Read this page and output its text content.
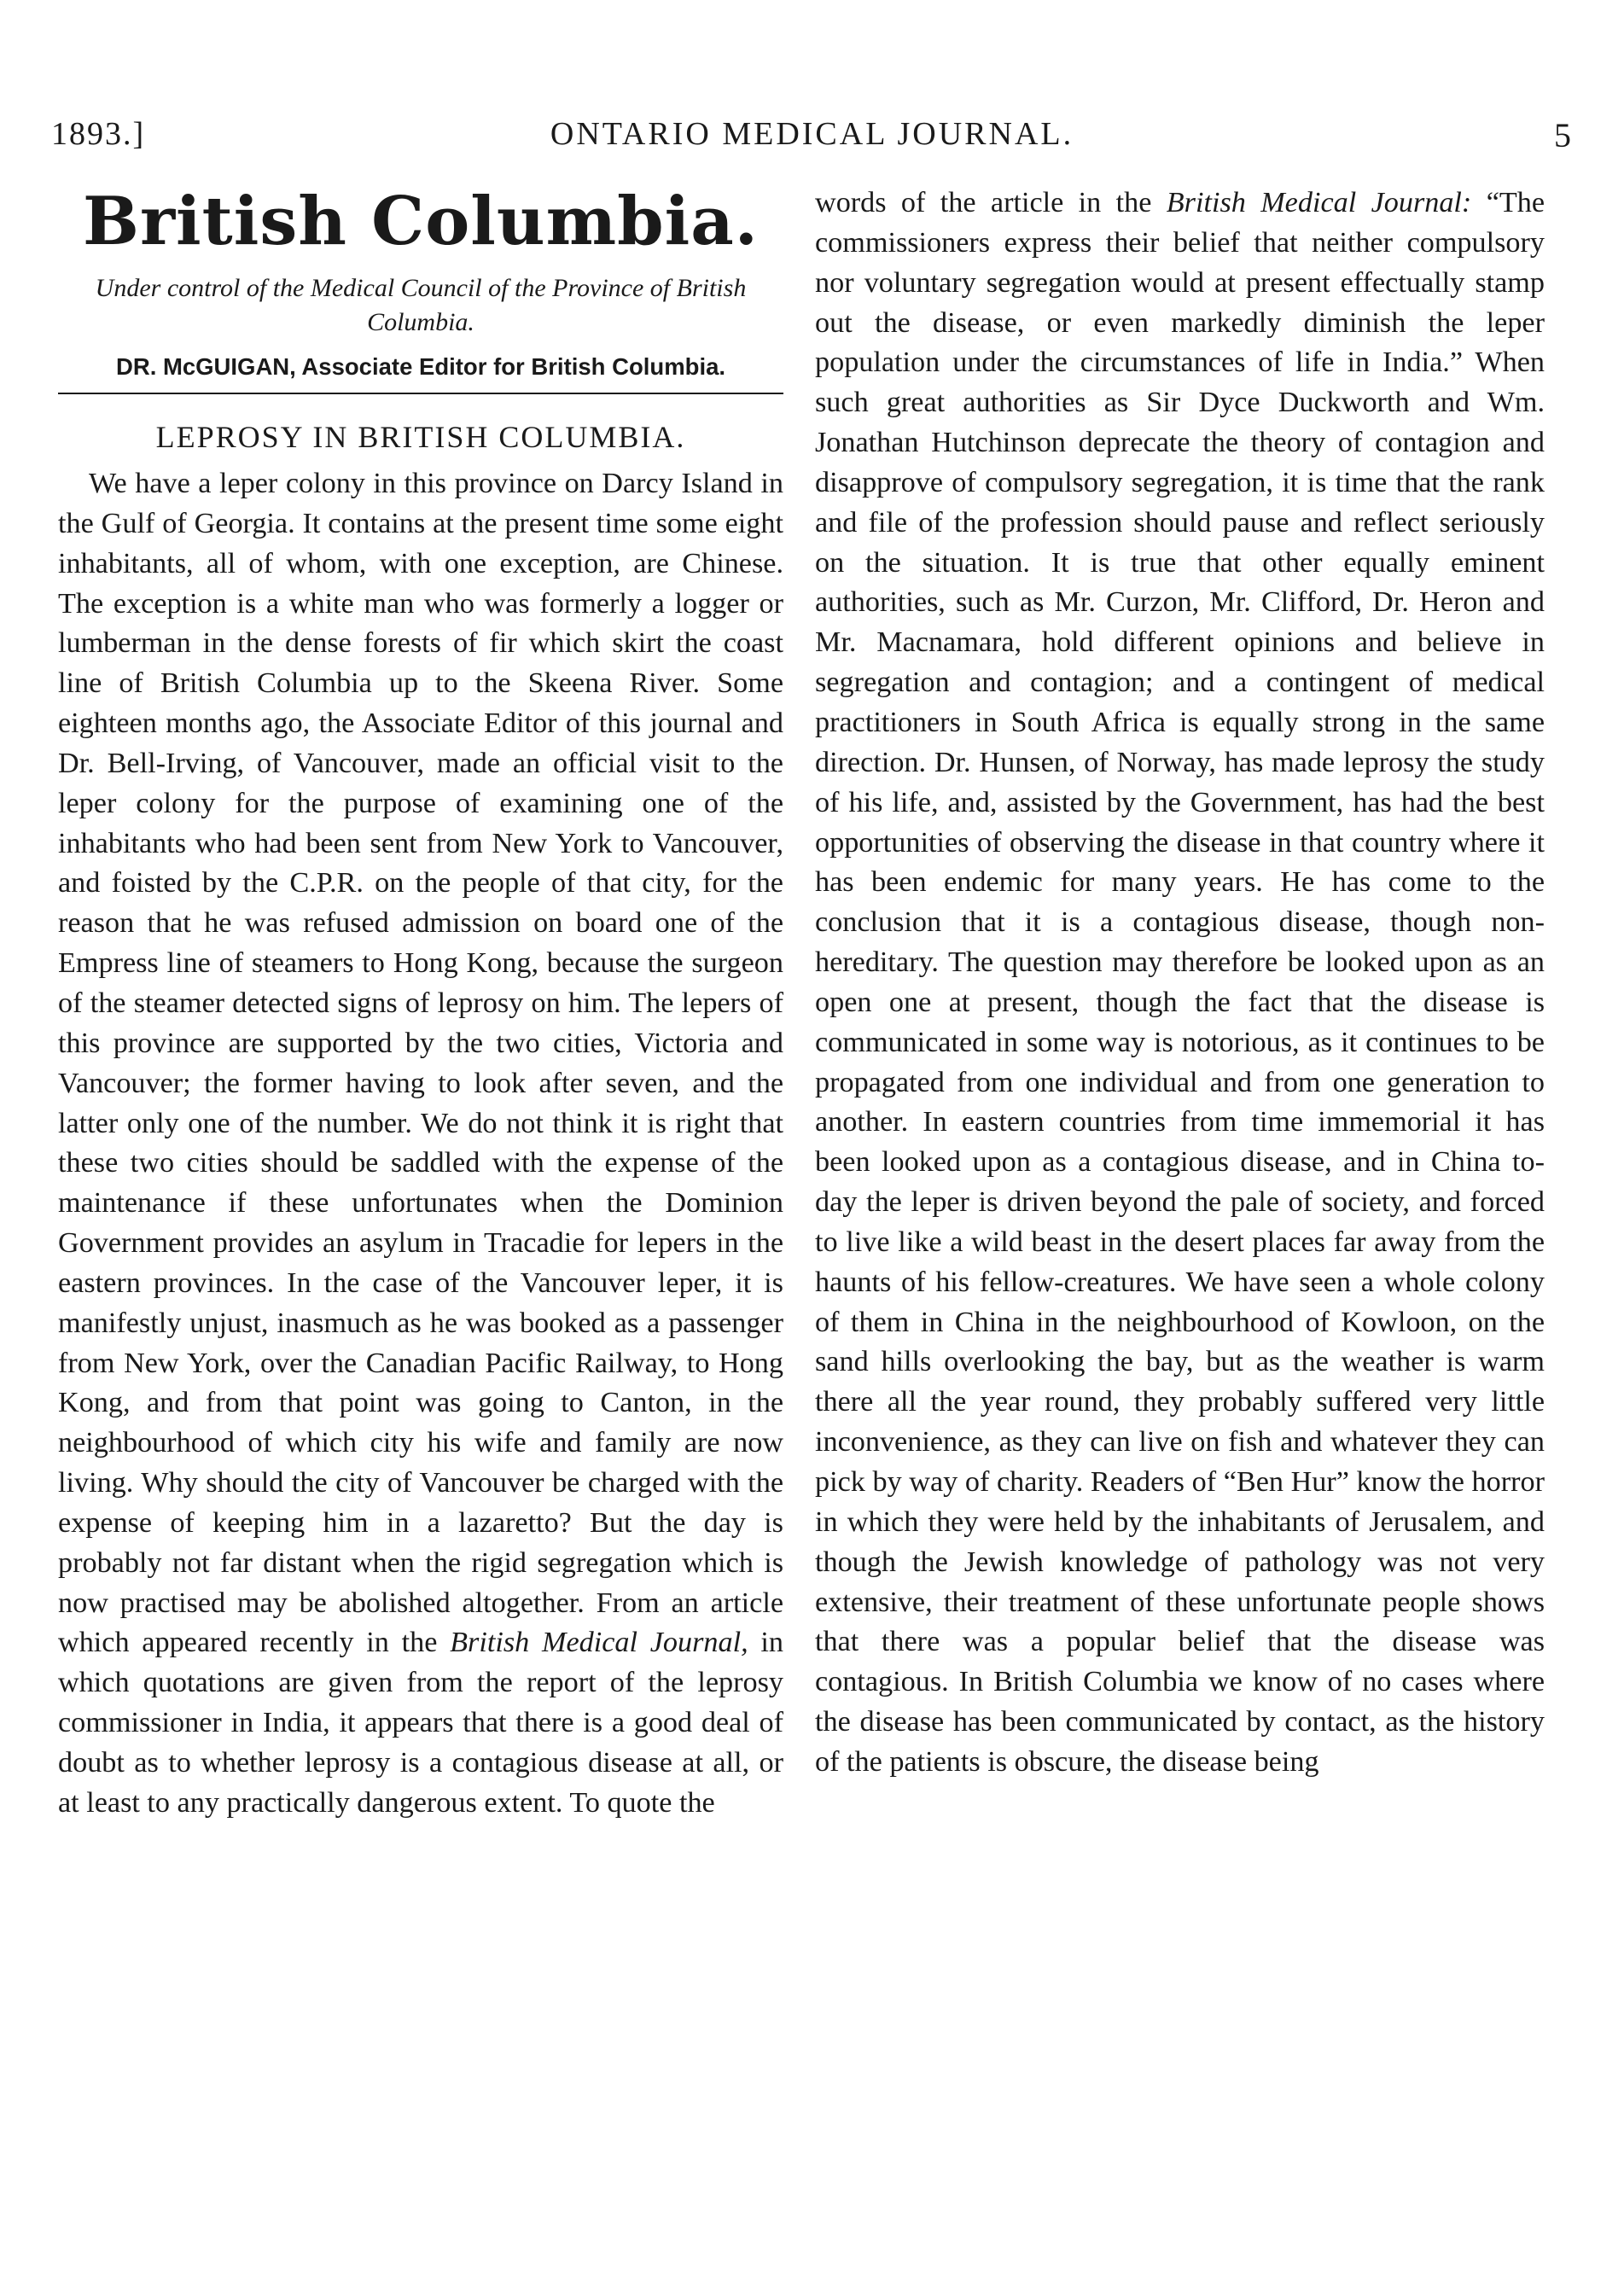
1893.]	ONTARIO MEDICAL JOURNAL.	5
British Columbia.
Under control of the Medical Council of the Province of British Columbia.
DR. McGUIGAN, Associate Editor for British Columbia.
LEPROSY IN BRITISH COLUMBIA.

We have a leper colony in this province on Darcy Island in the Gulf of Georgia. It contains at the present time some eight inhabitants, all of whom, with one exception, are Chinese. The exception is a white man who was formerly a logger or lumberman in the dense forests of fir which skirt the coast line of British Columbia up to the Skeena River. Some eighteen months ago, the Associate Editor of this journal and Dr. Bell-Irving, of Vancouver, made an official visit to the leper colony for the purpose of examining one of the inhabitants who had been sent from New York to Vancouver, and foisted by the C.P.R. on the people of that city, for the reason that he was refused admission on board one of the Empress line of steamers to Hong Kong, because the surgeon of the steamer detected signs of leprosy on him. The lepers of this province are supported by the two cities, Victoria and Vancouver; the former having to look after seven, and the latter only one of the number. We do not think it is right that these two cities should be saddled with the expense of the maintenance if these unfortunates when the Dominion Government provides an asylum in Tracadie for lepers in the eastern provinces. In the case of the Vancouver leper, it is manifestly unjust, inasmuch as he was booked as a passenger from New York, over the Canadian Pacific Railway, to Hong Kong, and from that point was going to Canton, in the neighbourhood of which city his wife and family are now living. Why should the city of Vancouver be charged with the expense of keeping him in a lazaretto? But the day is probably not far distant when the rigid segregation which is now practised may be abolished altogether. From an article which appeared recently in the British Medical Journal, in which quotations are given from the report of the leprosy commissioner in India, it appears that there is a good deal of doubt as to whether leprosy is a contagious disease at all, or at least to any practically dangerous extent. To quote the

words of the article in the British Medical Journal: “The commissioners express their belief that neither compulsory nor voluntary segregation would at present effectually stamp out the disease, or even markedly diminish the leper population under the circumstances of life in India.” When such great authorities as Sir Dyce Duckworth and Wm. Jonathan Hutchinson deprecate the theory of contagion and disapprove of compulsory segregation, it is time that the rank and file of the profession should pause and reflect seriously on the situation. It is true that other equally eminent authorities, such as Mr. Curzon, Mr. Clifford, Dr. Heron and Mr. Macnamara, hold different opinions and believe in segregation and contagion; and a contingent of medical practitioners in South Africa is equally strong in the same direction. Dr. Hunsen, of Norway, has made leprosy the study of his life, and, assisted by the Government, has had the best opportunities of observing the disease in that country where it has been endemic for many years. He has come to the conclusion that it is a contagious disease, though non-hereditary. The question may therefore be looked upon as an open one at present, though the fact that the disease is communicated in some way is notorious, as it continues to be propagated from one individual and from one generation to another. In eastern countries from time immemorial it has been looked upon as a contagious disease, and in China to-day the leper is driven beyond the pale of society, and forced to live like a wild beast in the desert places far away from the haunts of his fellow-creatures. We have seen a whole colony of them in China in the neighbourhood of Kowloon, on the sand hills overlooking the bay, but as the weather is warm there all the year round, they probably suffered very little inconvenience, as they can live on fish and whatever they can pick by way of charity. Readers of “Ben Hur” know the horror in which they were held by the inhabitants of Jerusalem, and though the Jewish knowledge of pathology was not very extensive, their treatment of these unfortunate people shows that there was a popular belief that the disease was contagious. In British Columbia we know of no cases where the disease has been communicated by contact, as the history of the patients is obscure, the disease being
